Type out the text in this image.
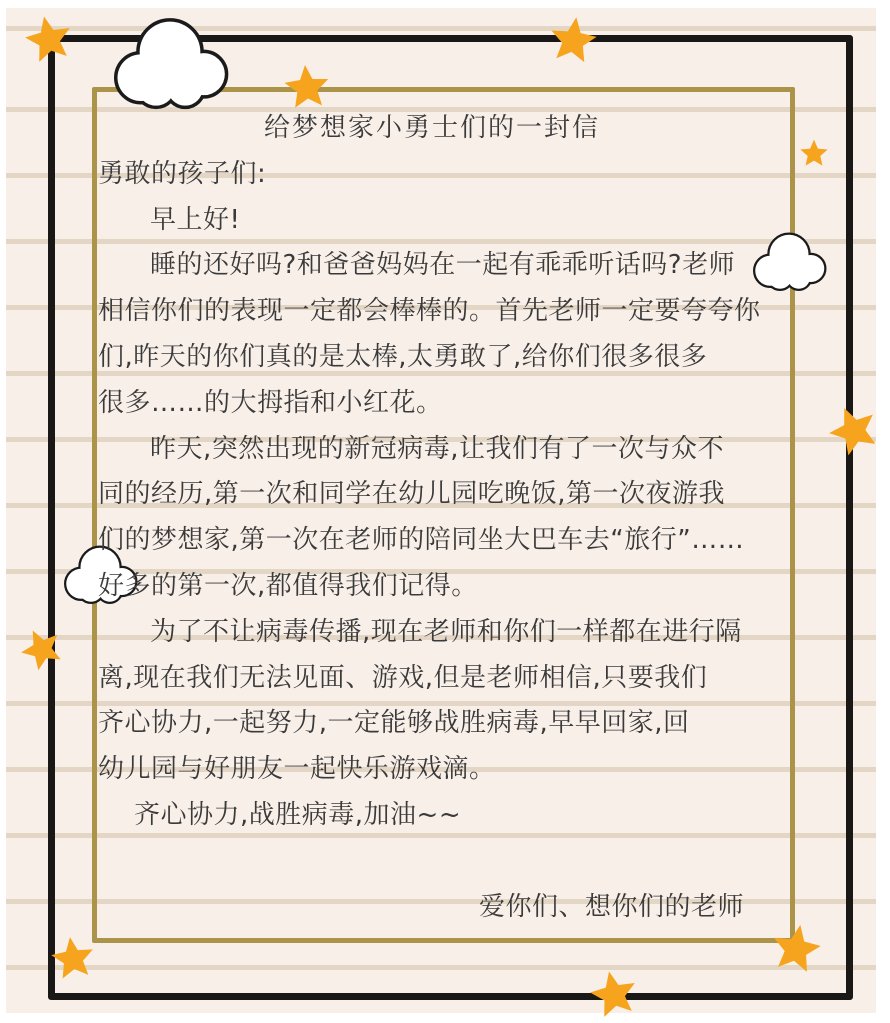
给梦想家小勇士们的一封信
勇敢的孩子们:
早上好!
睡的还好吗?和爸爸妈妈在一起有乖乖听话吗?老师
相信你们的表现一定都会棒棒的。首先老师一定要夸夸你
们,昨天的你们真的是太棒,太勇敢了,给你们很多很多
很多……的大拇指和小红花。
昨天,突然出现的新冠病毒,让我们有了一次与众不
同的经历,第一次和同学在幼儿园吃晚饭,第一次夜游我
们的梦想家,第一次在老师的陪同坐大巴车去“旅行”……
好多的第一次,都值得我们记得。
为了不让病毒传播,现在老师和你们一样都在进行隔
离,现在我们无法见面、游戏,但是老师相信,只要我们
齐心协力,一起努力,一定能够战胜病毒,早早回家,回
幼儿园与好朋友一起快乐游戏滴。
齐心协力,战胜病毒,加油~~
爱你们、想你们的老师
